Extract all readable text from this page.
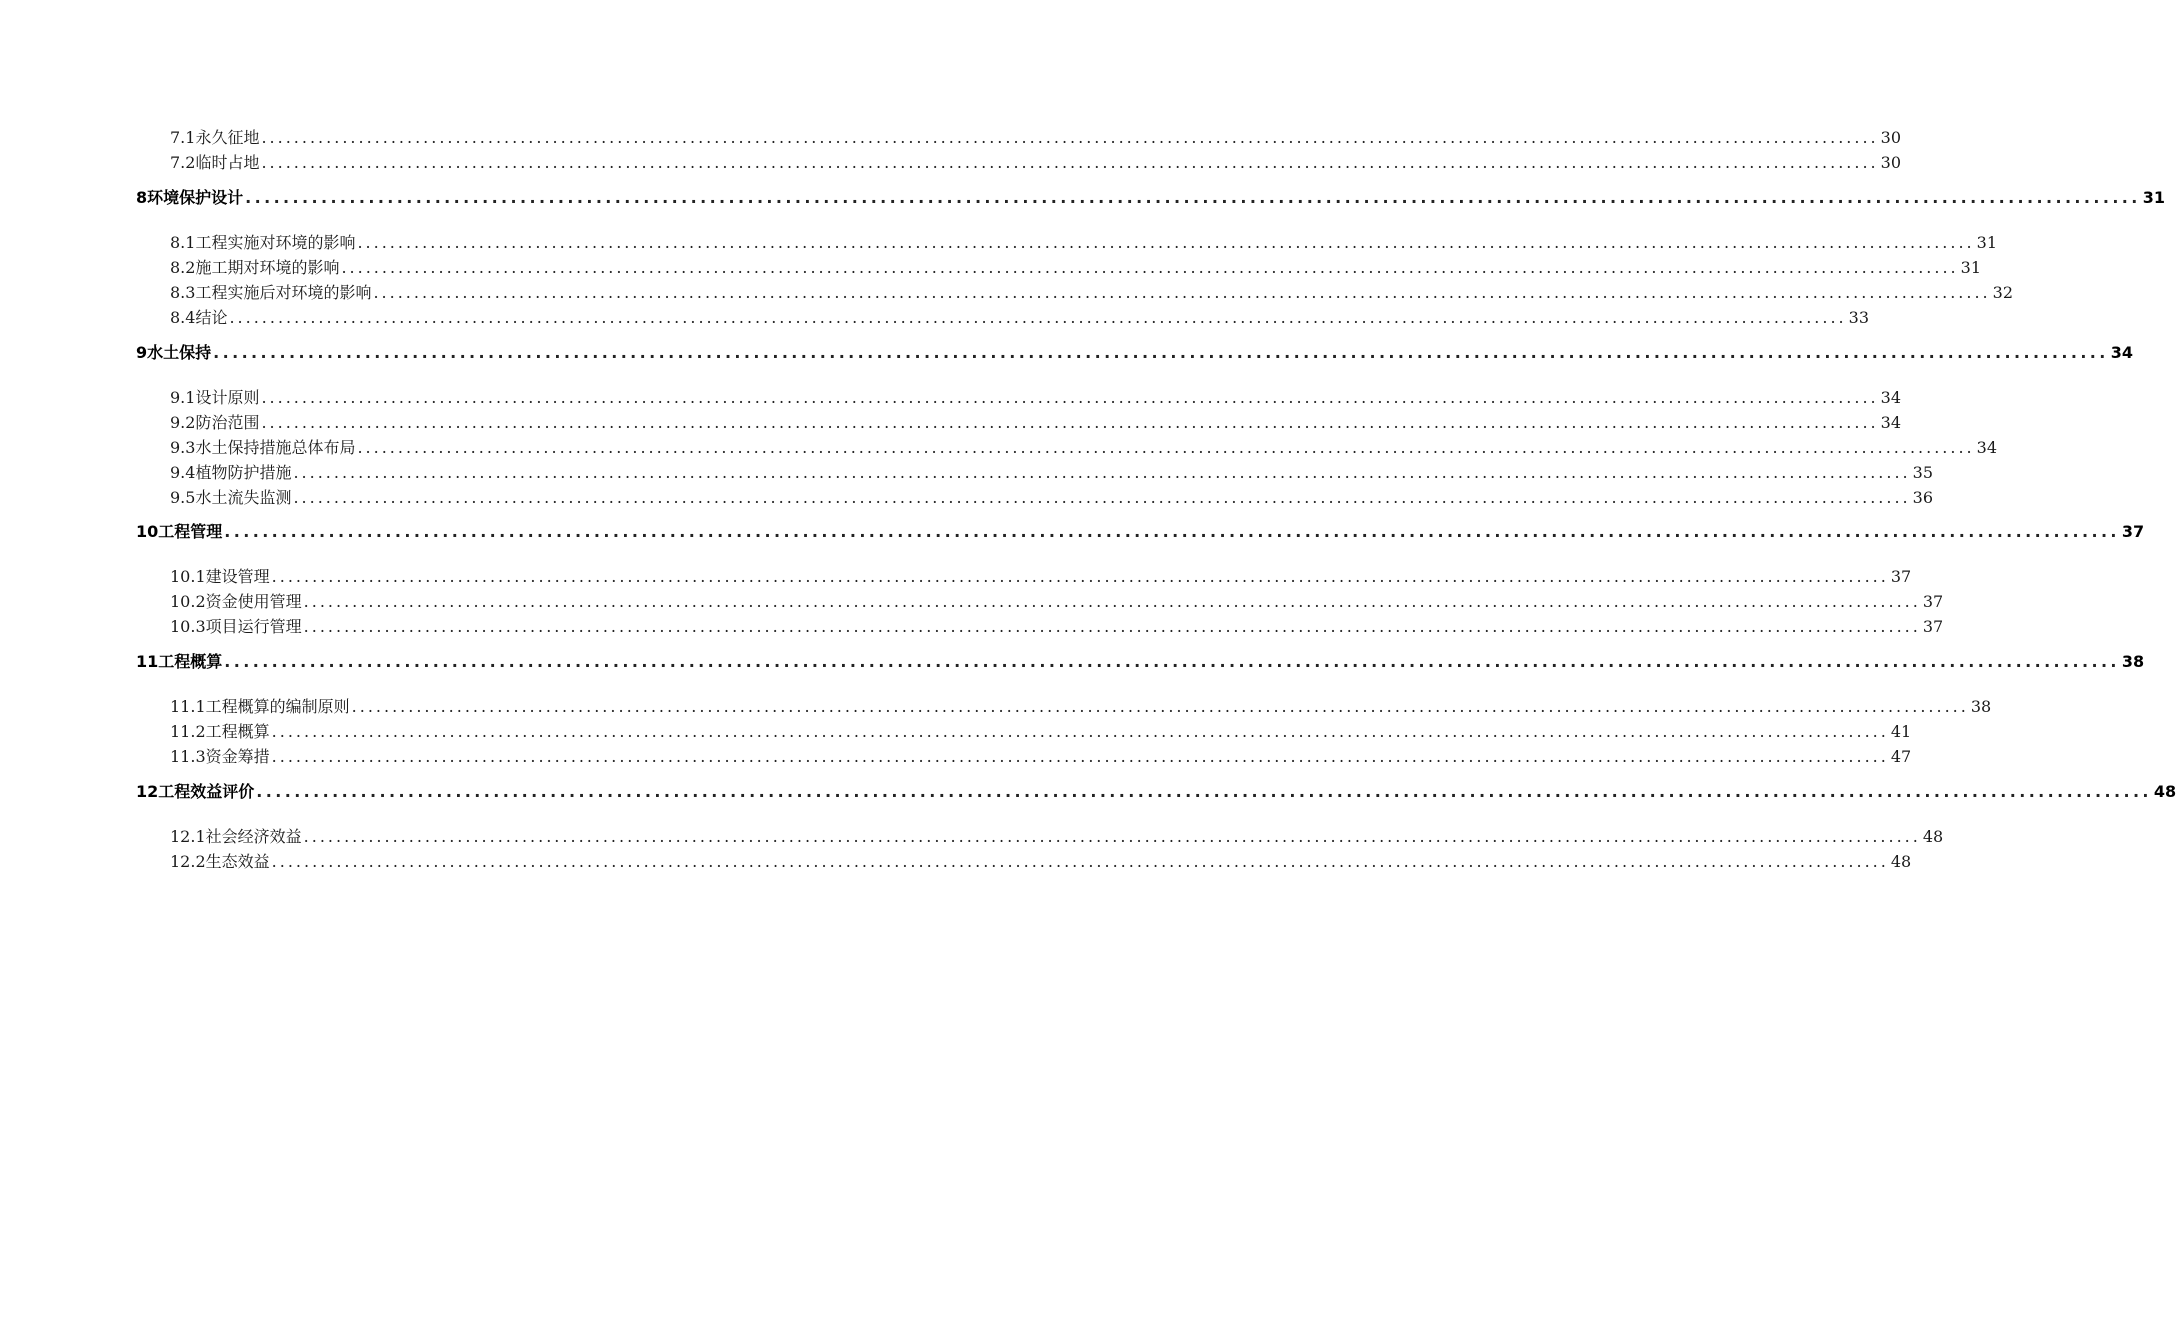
7.1永久征地 ........................................................................................................................................................................................................ 30
7.2临时占地 ........................................................................................................................................................................................................ 30
8环境保护设计 ........................................................................................................................................................................................................ 31
8.1工程实施对环境的影响 ........................................................................................................................................................................................................ 31
8.2施工期对环境的影响 ........................................................................................................................................................................................................ 31
8.3工程实施后对环境的影响 ........................................................................................................................................................................................................ 32
8.4结论 ........................................................................................................................................................................................................ 33
9水土保持 ........................................................................................................................................................................................................ 34
9.1设计原则 ........................................................................................................................................................................................................ 34
9.2防治范围 ........................................................................................................................................................................................................ 34
9.3水土保持措施总体布局 ........................................................................................................................................................................................................ 34
9.4植物防护措施 ........................................................................................................................................................................................................ 35
9.5水土流失监测 ........................................................................................................................................................................................................ 36
10工程管理 ........................................................................................................................................................................................................ 37
10.1建设管理 ........................................................................................................................................................................................................ 37
10.2资金使用管理 ........................................................................................................................................................................................................ 37
10.3项目运行管理 ........................................................................................................................................................................................................ 37
11工程概算 ........................................................................................................................................................................................................ 38
11.1工程概算的编制原则 ........................................................................................................................................................................................................ 38
11.2工程概算 ........................................................................................................................................................................................................ 41
11.3资金筹措 ........................................................................................................................................................................................................ 47
12工程效益评价 ........................................................................................................................................................................................................ 48
12.1社会经济效益 ........................................................................................................................................................................................................ 48
12.2生态效益 ........................................................................................................................................................................................................ 48
